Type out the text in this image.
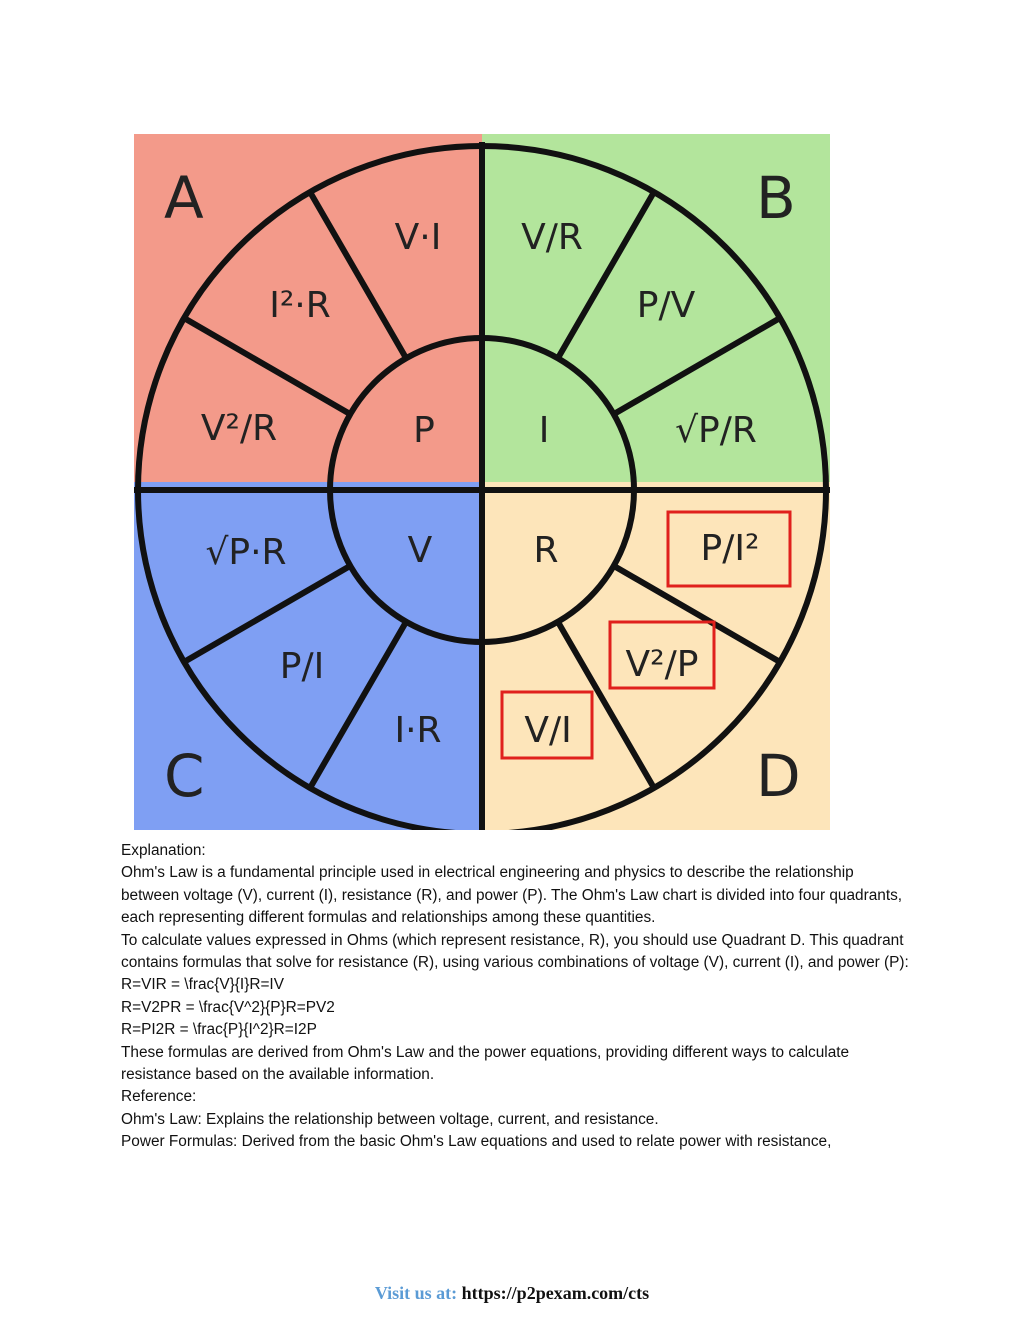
A	B
C	D
P	I
V	R
V·I
I²·R
V²/R
V/R
P/V
√P/R
√P·R
P/I
I·R
P/I²
V²/P
V/I

Explanation:

Ohm's Law is a fundamental principle used in electrical engineering and physics to describe the relationship between voltage (V), current (I), resistance (R), and power (P). The Ohm's Law chart is divided into four quadrants, each representing different formulas and relationships among these quantities.

To calculate values expressed in Ohms (which represent resistance, R), you should use Quadrant D. This quadrant contains formulas that solve for resistance (R), using various combinations of voltage (V), current (I), and power (P):

R=VIR = \frac{V}{I}R=IV

R=V2PR = \frac{V^2}{P}R=PV2

R=PI2R = \frac{P}{I^2}R=I2P

These formulas are derived from Ohm's Law and the power equations, providing different ways to calculate resistance based on the available information.

Reference:

Ohm's Law: Explains the relationship between voltage, current, and resistance.

Power Formulas: Derived from the basic Ohm's Law equations and used to relate power with resistance,

Visit us at: https://p2pexam.com/cts
